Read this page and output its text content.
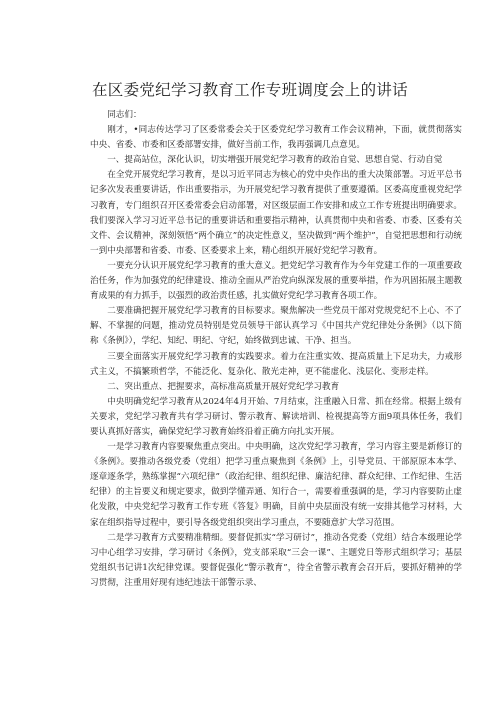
在区委党纪学习教育工作专班调度会上的讲话

同志们：

刚才，•同志传达学习了区委常委会关于区委党纪学习教育工作会议精神，下面，就贯彻落实中央、省委、市委和区委部署安排，做好当前工作，我再强调几点意见。

一、提高站位，深化认识，切实增强开展党纪学习教育的政治自觉、思想自觉、行动自觉

在全党开展党纪学习教育，是以习近平同志为核心的党中央作出的重大决策部署。习近平总书记多次发表重要讲话，作出重要指示，为开展党纪学习教育提供了重要遵循。区委高度重视党纪学习教育，专门组织召开区委常委会启动部署，对区级层面工作安排和成立工作专班提出明确要求。我们要深入学习习近平总书记的重要讲话和重要指示精神，认真贯彻中央和省委、市委、区委有关文件、会议精神，深刻领悟“两个确立”的决定性意义，坚决做到“两个维护”，自觉把思想和行动统一到中央部署和省委、市委、区委要求上来，精心组织开展好党纪学习教育。

一要充分认识开展党纪学习教育的重大意义。把党纪学习教育作为今年党建工作的一项重要政治任务，作为加强党的纪律建设、推动全面从严治党向纵深发展的重要举措，作为巩固拓展主题教育成果的有力抓手，以强烈的政治责任感，扎实做好党纪学习教育各项工作。

二要准确把握开展党纪学习教育的目标要求。聚焦解决一些党员干部对党规党纪不上心、不了解、不掌握的问题，推动党员特别是党员领导干部认真学习《中国共产党纪律处分条例》（以下简称《条例》），学纪、知纪、明纪、守纪，始终做到忠诚、干净、担当。

三要全面落实开展党纪学习教育的实践要求。着力在注重实效、提高质量上下足功夫，力戒形式主义，不搞繁琐哲学，不能泛化、复杂化、散光走神，更不能虚化、浅层化、变形走样。

二、突出重点、把握要求，高标准高质量开展好党纪学习教育

中央明确党纪学习教育从2024年4月开始、7月结束，注重融入日常、抓在经常。根据上级有关要求，党纪学习教育共有学习研讨、警示教育、解读培训、检视提高等方面9项具体任务，我们要认真抓好落实，确保党纪学习教育始终沿着正确方向扎实开展。

一是学习教育内容要聚焦重点突出。中央明确，这次党纪学习教育，学习内容主要是新修订的《条例》。要推动各级党委（党组）把学习重点聚焦到《条例》上，引导党员、干部原原本本学、逐章逐条学，熟练掌握“六项纪律”（政治纪律、组织纪律、廉洁纪律、群众纪律、工作纪律、生活纪律）的主旨要义和规定要求，做到学懂弄通、知行合一，需要着重强调的是，学习内容要防止虚化发散，中央党纪学习教育工作专班《答复》明确，目前中央层面没有统一安排其他学习材料，大家在组织指导过程中，要引导各级党组织突出学习重点，不要随意扩大学习范围。

二是学习教育方式要精准精细。要督促抓实“学习研讨”，推动各党委（党组）结合本级理论学习中心组学习安排，学习研讨《条例》，党支部采取“三会一课”、主题党日等形式组织学习；基层党组织书记讲1次纪律党课。要督促强化“警示教育”，待全省警示教育会召开后，要抓好精神的学习贯彻，注重用好现有违纪违法干部警示录、
